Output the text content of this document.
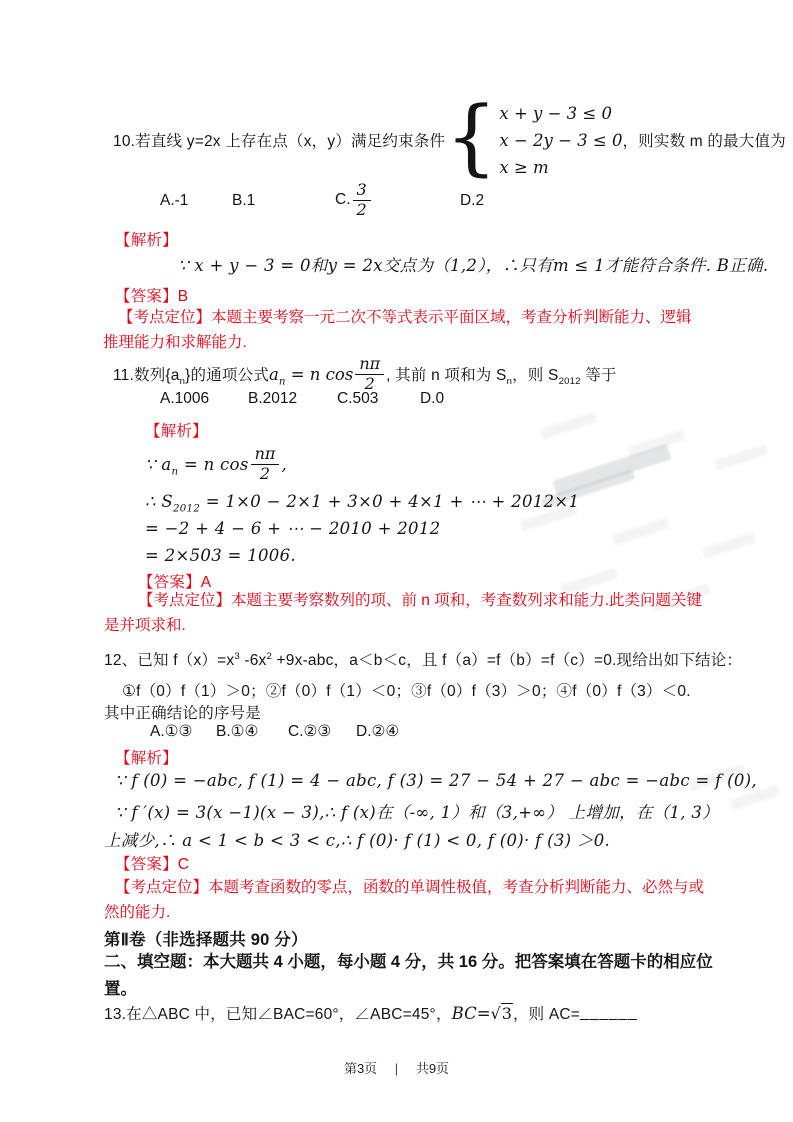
10.若直线 y=2x 上存在点（x，y）满足约束条件 { x + y − 3 ≤ 0
x − 2y − 3 ≤ 0
x ≥ m
，则实数 m 的最大值为
A.-1	B.1	C. $\frac{3}{2}$	D.2
【解析】
∵ x + y − 3 = 0和y = 2x交点为（1,2），∴只有m ≤ 1才能符合条件. B正确.
【答案】B
【考点定位】本题主要考察一元二次不等式表示平面区域，考查分析判断能力、逻辑推理能力和求解能力.
11.数列$\{a_n\}$的通项公式 $a_n = n$ $\cos \frac{n\pi}{2}$ , 其前 n 项和为 $S_n$，则 $S_{2012}$ 等于
A.1006	B.2012	C.503	D.0
【解析】
∵ $a_n = n$ $\cos \frac{n\pi}{2}$ ,
∴ $S_{2012} = 1\times 0 - 2\times 1 + 3\times 0 + 4\times 1$ + ⋯ + 2012×1
= −2 + 4 − 6 + ⋯ − 2010 + 2012
= 2×503 = 1006.
【答案】A
【考点定位】本题主要考察数列的项、前 n 项和，考查数列求和能力.此类问题关键是并项求和.
12、已知 $f(x)=x^3$ $-6x^2 +9x-abc$，a＜b＜c，且 f（a）=f（b）=f（c）=0.现给出如下结论：
①f（0）f（1）＞0；②f（0）f（1）＜0；③f（0）f（3）＞0；④f（0）f（3）＜0.
其中正确结论的序号是
A.①③ B.①④ C.②③ D.②④
【解析】
∵ f (0) = −abc, f (1) = 4 − abc, f (3) = 27 − 54 + 27 − abc = −abc = f (0),
∵ f ′(x) = 3(x −1)(x − 3),∴ f (x)在（-∞, 1）和（3,+∞） 上增加，在（1, 3）
上减少,∴ a < 1 < b < 3 < c,∴ f (0)· f (1) < 0, f (0)· f (3) ＞0.
【答案】C
【考点定位】本题考查函数的零点，函数的单调性极值，考查分析判断能力、必然与或然的能力.
第Ⅱ卷（非选择题共 90 分）
二、填空题：本大题共 4 小题，每小题 4 分，共 16 分。把答案填在答题卡的相应位置。
13.在△ABC 中，已知∠BAC=60°，∠ABC=45°， BC= √ 3 ，则 AC= ______
第3页 | 共9页
